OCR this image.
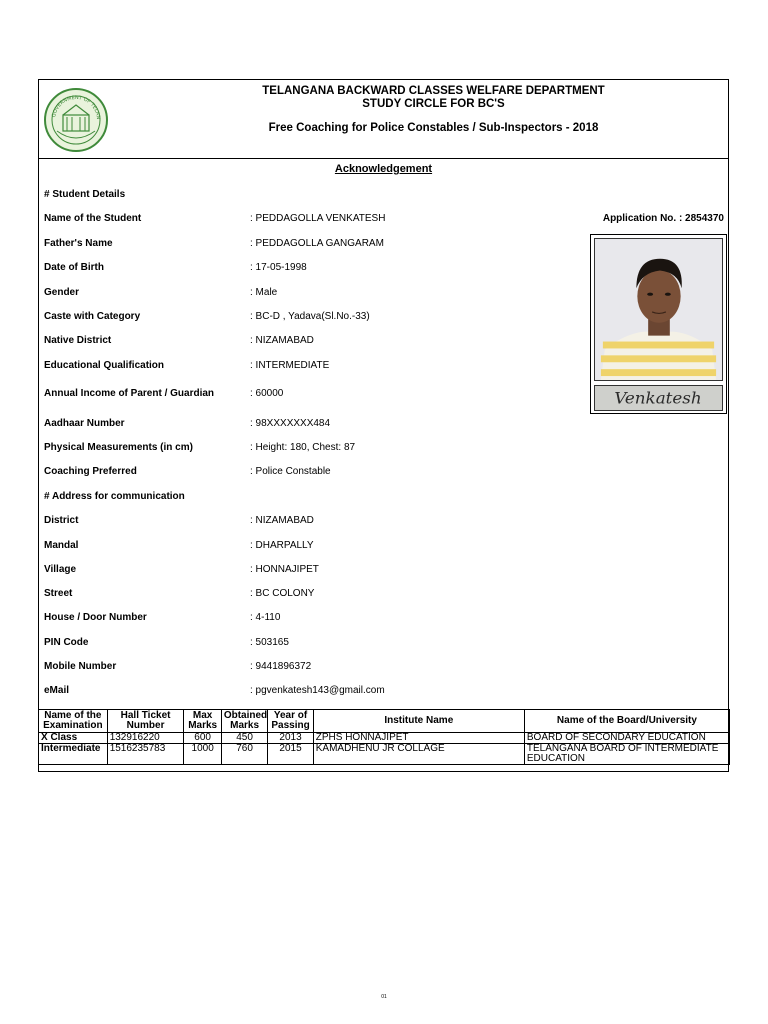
GOVERNMENT OF TELAN
TELANGANA BACKWARD CLASSES WELFARE DEPARTMENT
STUDY CIRCLE FOR BC'S
Free Coaching for Police Constables / Sub-Inspectors - 2018
Acknowledgement
# Student Details
Application No. : 2854370
Name of the Student	: PEDDAGOLLA VENKATESH
Father's Name	: PEDDAGOLLA GANGARAM
Date of Birth	: 17-05-1998
Gender	: Male
Caste with Category	: BC-D , Yadava(Sl.No.-33)
Native District	: NIZAMABAD
Educational Qualification	: INTERMEDIATE
Annual Income of Parent / Guardian	: 60000
Aadhaar Number	: 98XXXXXXX484
Physical Measurements (in cm)	: Height: 180, Chest: 87
Coaching Preferred	: Police Constable
# Address for communication
District	: NIZAMABAD
Mandal	: DHARPALLY
Village	: HONNAJIPET
Street	: BC COLONY
House / Door Number	: 4-110
PIN Code	: 503165
Mobile Number	: 9441896372
eMail	: pgvenkatesh143@gmail.com
Venkatesh
Name of the Examination	Hall Ticket Number	Max Marks	Obtained Marks	Year of Passing	Institute Name	Name of the Board/University
X Class	132916220	600	450	2013	ZPHS HONNAJIPET	BOARD OF SECONDARY EDUCATION
Intermediate	1516235783	1000	760	2015	KAMADHENU JR COLLAGE	TELANGANA BOARD OF INTERMEDIATE EDUCATION
01
